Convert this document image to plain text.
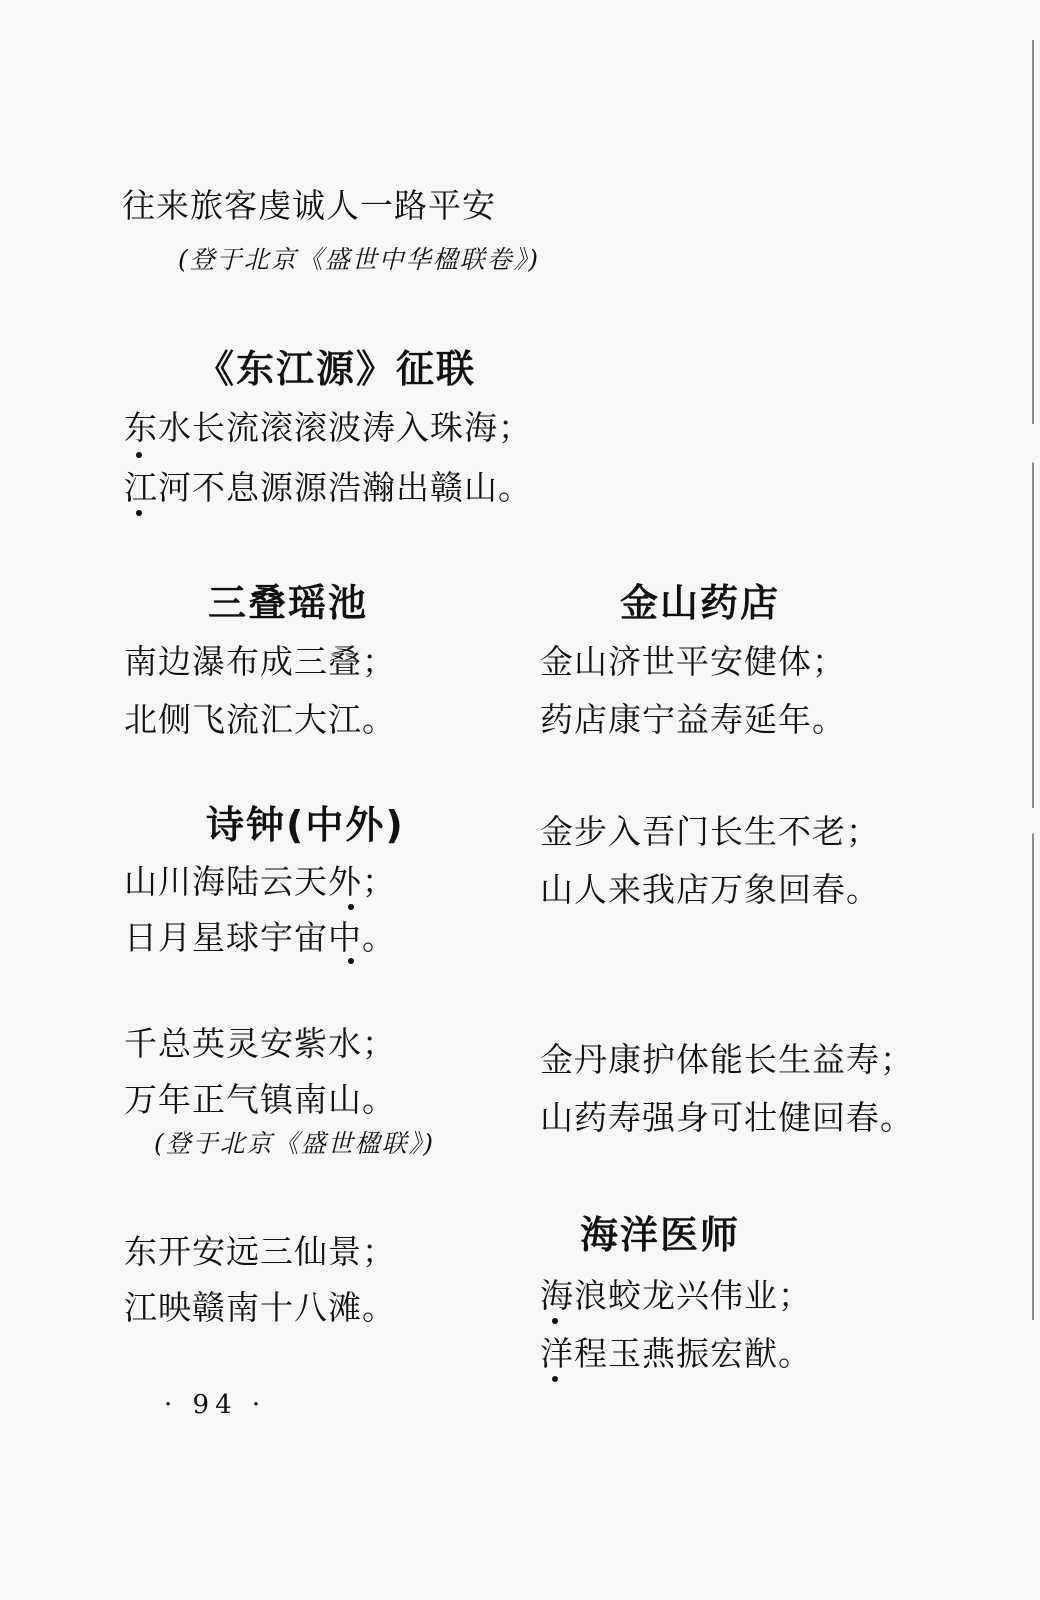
往来旅客虔诚人一路平安
(登于北京《盛世中华楹联卷》)
《东江源》征联
东水长流滚滚波涛入珠海；
江河不息源源浩瀚出赣山。
三叠瑶池
南边瀑布成三叠；
北侧飞流汇大江。
金山药店
金山济世平安健体；
药店康宁益寿延年。
金步入吾门长生不老；
山人来我店万象回春。
金丹康护体能长生益寿；
山药寿强身可壮健回春。
诗钟(中外)
山川海陆云天外；
日月星球宇宙中。
千总英灵安紫水；
万年正气镇南山。
(登于北京《盛世楹联》)
东开安远三仙景；
江映赣南十八滩。
海洋医师
海浪蛟龙兴伟业；
洋程玉燕振宏猷。
· 94 ·
